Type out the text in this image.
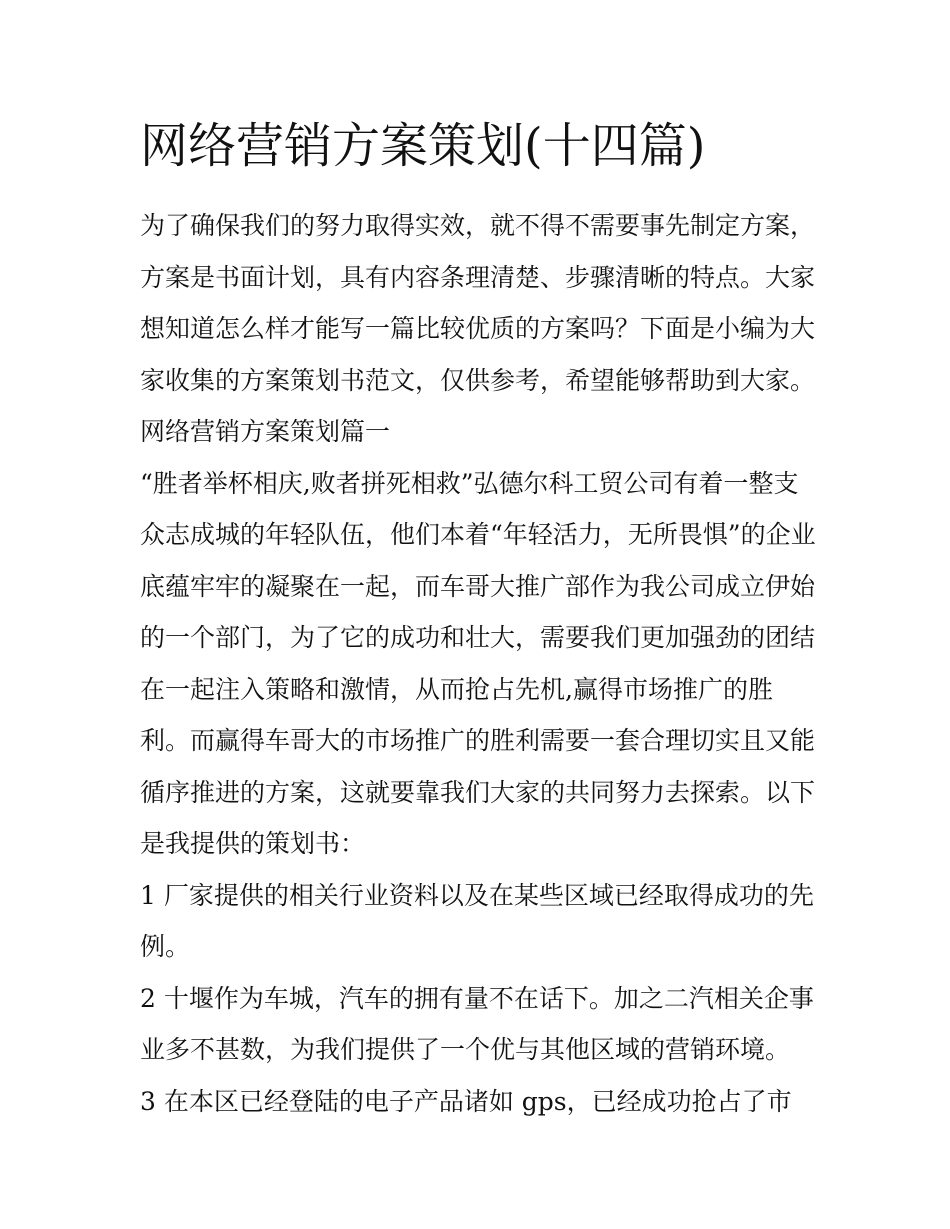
网络营销方案策划(十四篇)
为了确保我们的努力取得实效，就不得不需要事先制定方案，
方案是书面计划，具有内容条理清楚、步骤清晰的特点。大家
想知道怎么样才能写一篇比较优质的方案吗？下面是小编为大
家收集的方案策划书范文，仅供参考，希望能够帮助到大家。
网络营销方案策划篇一
“胜者举杯相庆,败者拼死相救”弘德尔科工贸公司有着一整支
众志成城的年轻队伍，他们本着“年轻活力，无所畏惧”的企业
底蕴牢牢的凝聚在一起，而车哥大推广部作为我公司成立伊始
的一个部门，为了它的成功和壮大，需要我们更加强劲的团结
在一起注入策略和激情，从而抢占先机,赢得市场推广的胜
利。而赢得车哥大的市场推广的胜利需要一套合理切实且又能
循序推进的方案，这就要靠我们大家的共同努力去探索。以下
是我提供的策划书：
1 厂家提供的相关行业资料以及在某些区域已经取得成功的先
例。
2 十堰作为车城，汽车的拥有量不在话下。加之二汽相关企事
业多不甚数，为我们提供了一个优与其他区域的营销环境。
3 在本区已经登陆的电子产品诸如 gps，已经成功抢占了市
